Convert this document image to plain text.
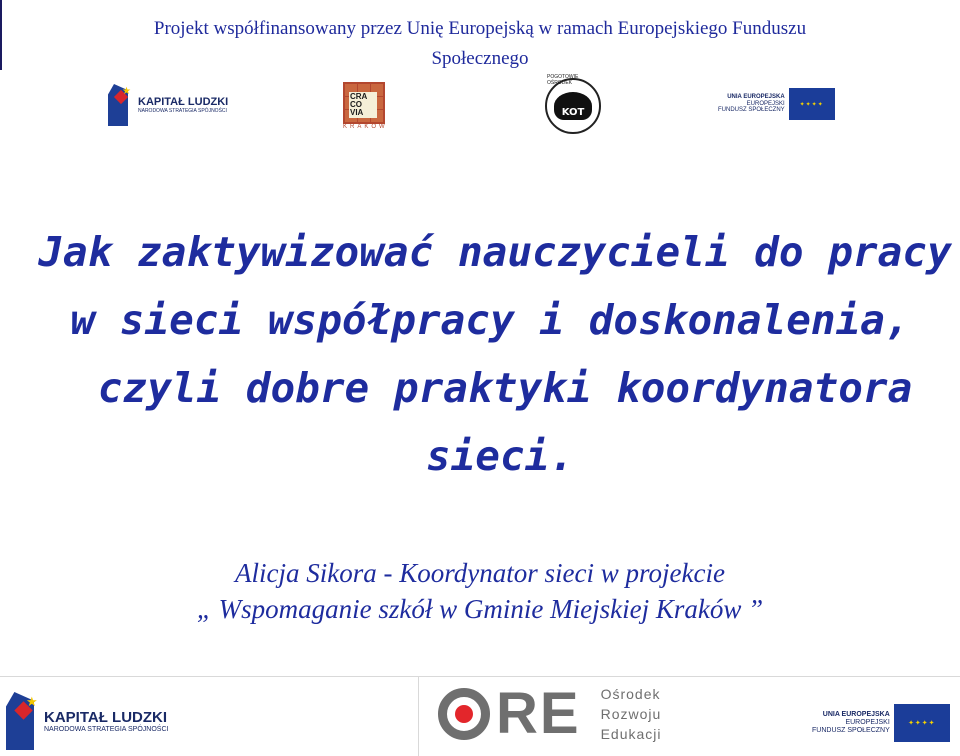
Projekt współfinansowany przez Unię Europejską w ramach Europejskiego Funduszu
Społecznego
★
KAPITAŁ LUDZKI
NARODOWA STRATEGIA SPÓJNOŚCI
CRA CO VIA
KRAKÓW
POGOTOWIE OŚRODEK
KOT
UNIA EUROPEJSKA
EUROPEJSKI
FUNDUSZ SPOŁECZNY
✦✦✦✦
Jak zaktywizować nauczycieli do pracy
w sieci współpracy i doskonalenia,
czyli dobre praktyki koordynatora
sieci.
Alicja Sikora - Koordynator sieci w projekcie
„ Wspomaganie szkół w Gminie Miejskiej Kraków ”
★
KAPITAŁ LUDZKI
NARODOWA STRATEGIA SPÓJNOŚCI	RE Ośrodek
Rozwoju
Edukacji
UNIA EUROPEJSKA
EUROPEJSKI
FUNDUSZ SPOŁECZNY
✦✦✦✦
